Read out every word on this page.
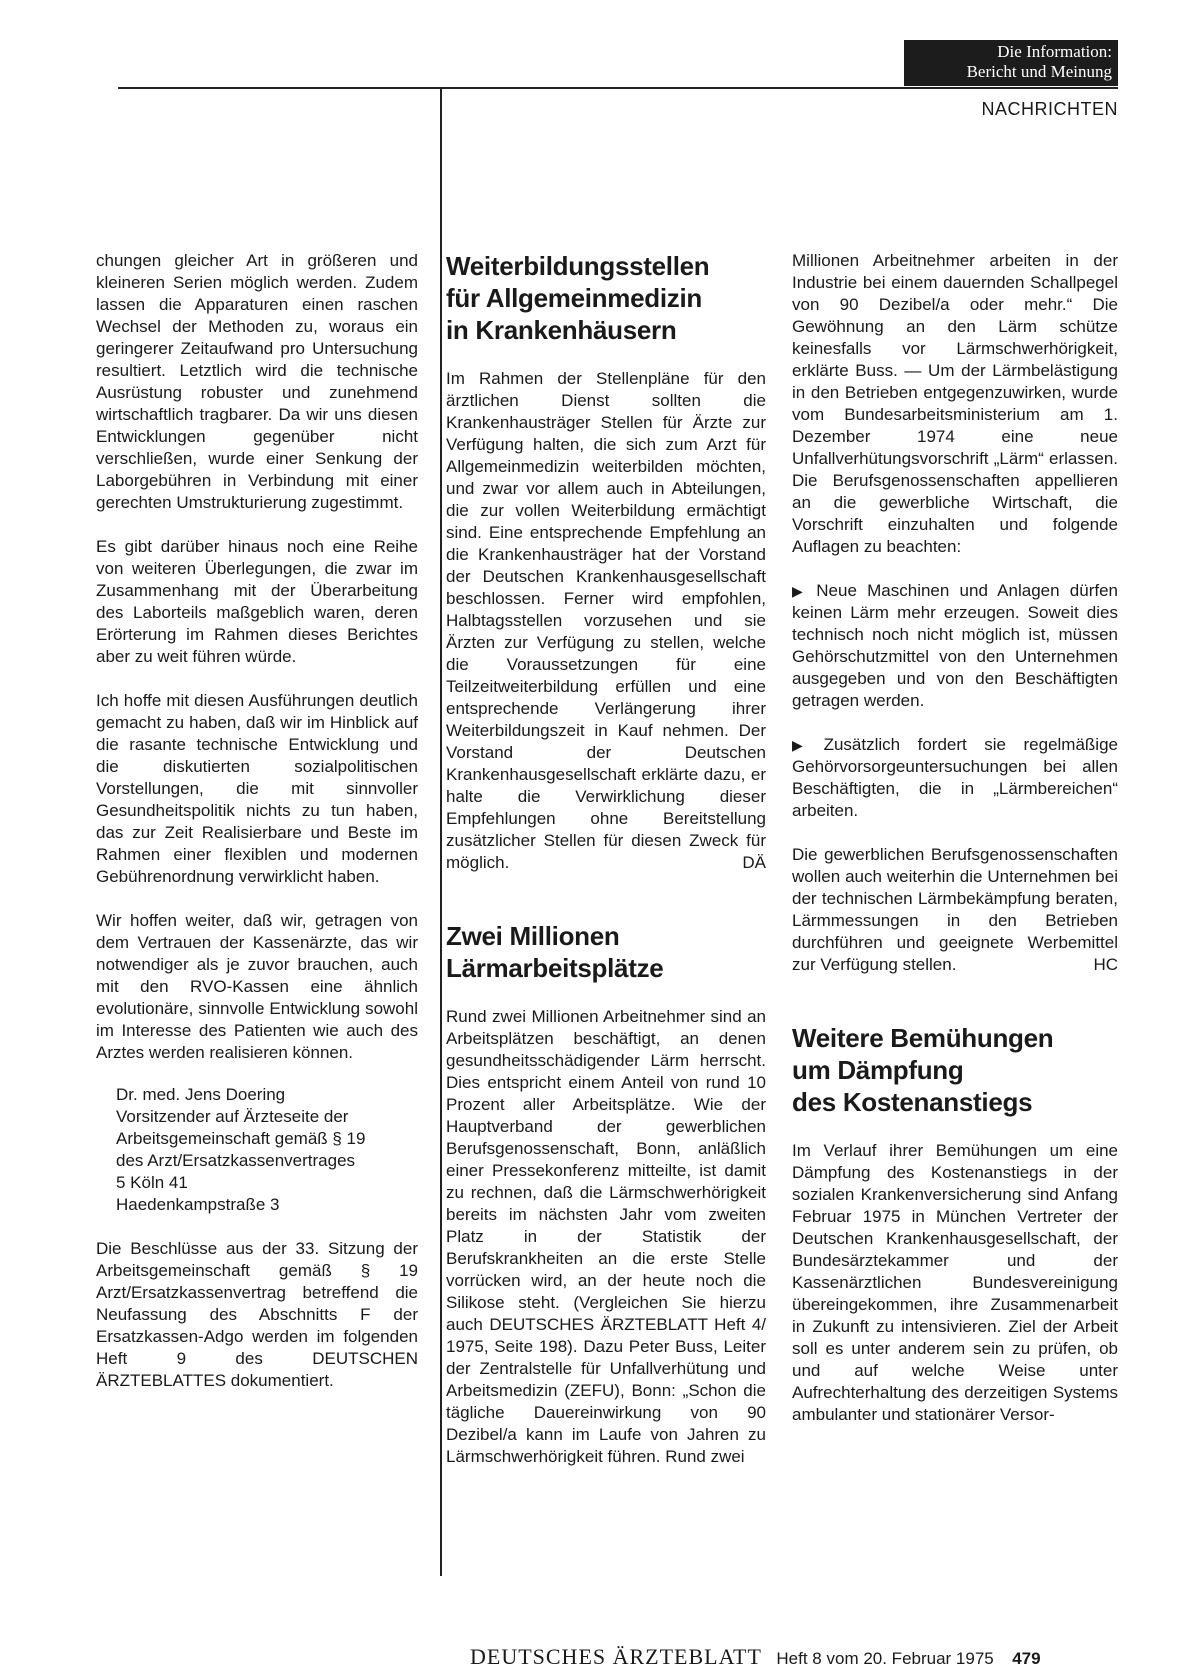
Die Information:
Bericht und Meinung
NACHRICHTEN

chungen gleicher Art in größeren und kleineren Serien möglich werden. Zudem lassen die Apparaturen einen raschen Wechsel der Methoden zu, woraus ein geringerer Zeitaufwand pro Untersuchung resultiert. Letztlich wird die technische Ausrüstung robuster und zunehmend wirtschaftlich tragbarer. Da wir uns diesen Entwicklungen gegenüber nicht verschließen, wurde einer Senkung der Laborgebühren in Verbindung mit einer gerechten Umstrukturierung zugestimmt.

Es gibt darüber hinaus noch eine Reihe von weiteren Überlegungen, die zwar im Zusammenhang mit der Überarbeitung des Laborteils maßgeblich waren, deren Erörterung im Rahmen dieses Berichtes aber zu weit führen würde.

Ich hoffe mit diesen Ausführungen deutlich gemacht zu haben, daß wir im Hinblick auf die rasante technische Entwicklung und die diskutierten sozialpolitischen Vorstellungen, die mit sinnvoller Gesundheitspolitik nichts zu tun haben, das zur Zeit Realisierbare und Beste im Rahmen einer flexiblen und modernen Gebührenordnung verwirklicht haben.

Wir hoffen weiter, daß wir, getragen von dem Vertrauen der Kassenärzte, das wir notwendiger als je zuvor brauchen, auch mit den RVO-Kassen eine ähnlich evolutionäre, sinnvolle Entwicklung sowohl im Interesse des Patienten wie auch des Arztes werden realisieren können.

Dr. med. Jens Doering
Vorsitzender auf Ärzteseite der
Arbeitsgemeinschaft gemäß § 19
des Arzt/Ersatzkassenvertrages
5 Köln 41
Haedenkampstraße 3

Die Beschlüsse aus der 33. Sitzung der Arbeitsgemeinschaft gemäß § 19 Arzt/Ersatzkassenvertrag betreffend die Neufassung des Abschnitts F der Ersatzkassen-Adgo werden im folgenden Heft 9 des DEUTSCHEN ÄRZTEBLATTES dokumentiert.

Weiterbildungsstellen
für Allgemeinmedizin
in Krankenhäusern

Im Rahmen der Stellenpläne für den ärztlichen Dienst sollten die Krankenhausträger Stellen für Ärzte zur Verfügung halten, die sich zum Arzt für Allgemeinmedizin weiterbilden möchten, und zwar vor allem auch in Abteilungen, die zur vollen Weiterbildung ermächtigt sind. Eine entsprechende Empfehlung an die Krankenhausträger hat der Vorstand der Deutschen Krankenhausgesellschaft beschlossen. Ferner wird empfohlen, Halbtagsstellen vorzusehen und sie Ärzten zur Verfügung zu stellen, welche die Voraussetzungen für eine Teilzeitweiterbildung erfüllen und eine entsprechende Verlängerung ihrer Weiterbildungszeit in Kauf nehmen. Der Vorstand der Deutschen Krankenhausgesellschaft erklärte dazu, er halte die Verwirklichung dieser Empfehlungen ohne Bereitstellung zusätzlicher Stellen für diesen Zweck für möglich.	DÄ

Zwei Millionen
Lärmarbeitsplätze

Rund zwei Millionen Arbeitnehmer sind an Arbeitsplätzen beschäftigt, an denen gesundheitsschädigender Lärm herrscht. Dies entspricht einem Anteil von rund 10 Prozent aller Arbeitsplätze. Wie der Hauptverband der gewerblichen Berufsgenossenschaft, Bonn, anläßlich einer Pressekonferenz mitteilte, ist damit zu rechnen, daß die Lärmschwerhörigkeit bereits im nächsten Jahr vom zweiten Platz in der Statistik der Berufskrankheiten an die erste Stelle vorrücken wird, an der heute noch die Silikose steht. (Vergleichen Sie hierzu auch DEUTSCHES ÄRZTEBLATT Heft 4/ 1975, Seite 198). Dazu Peter Buss, Leiter der Zentralstelle für Unfallverhütung und Arbeitsmedizin (ZEFU), Bonn: „Schon die tägliche Dauereinwirkung von 90 Dezibel/a kann im Laufe von Jahren zu Lärmschwerhörigkeit führen. Rund zwei

Millionen Arbeitnehmer arbeiten in der Industrie bei einem dauernden Schallpegel von 90 Dezibel/a oder mehr.“ Die Gewöhnung an den Lärm schütze keinesfalls vor Lärmschwerhörigkeit, erklärte Buss. — Um der Lärmbelästigung in den Betrieben entgegenzuwirken, wurde vom Bundesarbeitsministerium am 1. Dezember 1974 eine neue Unfallverhütungsvorschrift „Lärm“ erlassen. Die Berufsgenossenschaften appellieren an die gewerbliche Wirtschaft, die Vorschrift einzuhalten und folgende Auflagen zu beachten:

▶ Neue Maschinen und Anlagen dürfen keinen Lärm mehr erzeugen. Soweit dies technisch noch nicht möglich ist, müssen Gehörschutzmittel von den Unternehmen ausgegeben und von den Beschäftigten getragen werden.

▶ Zusätzlich fordert sie regelmäßige Gehörvorsorgeuntersuchungen bei allen Beschäftigten, die in „Lärmbereichen“ arbeiten.

Die gewerblichen Berufsgenossenschaften wollen auch weiterhin die Unternehmen bei der technischen Lärmbekämpfung beraten, Lärmmessungen in den Betrieben durchführen und geeignete Werbemittel zur Verfügung stellen.	HC

Weitere Bemühungen
um Dämpfung
des Kostenanstiegs

Im Verlauf ihrer Bemühungen um eine Dämpfung des Kostenanstiegs in der sozialen Krankenversicherung sind Anfang Februar 1975 in München Vertreter der Deutschen Krankenhausgesellschaft, der Bundesärztekammer und der Kassenärztlichen Bundesvereinigung übereingekommen, ihre Zusammenarbeit in Zukunft zu intensivieren. Ziel der Arbeit soll es unter anderem sein zu prüfen, ob und auf welche Weise unter Aufrechterhaltung des derzeitigen Systems ambulanter und stationärer Versor-

DEUTSCHES ÄRZTEBLATT Heft 8 vom 20. Februar 1975 479
